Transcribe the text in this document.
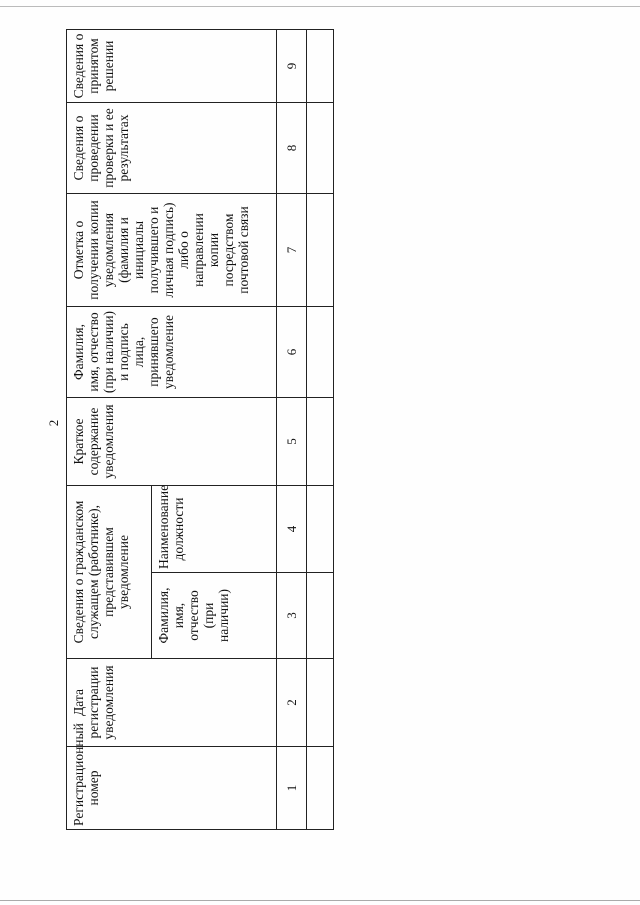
2
Регистрационный номер	Дата регистрации уведомления	Сведения о гражданском служащем (работнике), представившем уведомление		Краткое содержание уведомления	Фамилия, имя, отчество (при наличии) и подпись лица, принявшего уведомление	Отметка о получении копии уведомления (фамилия и инициалы получившего и личная подпись) либо о направлении копии посредством почтовой связи	Сведения о проведении проверки и ее результатах	Сведения о принятом решении
		Фамилия, имя, отчество (при наличии)	Наименование должности					
1	2	3	4	5	6	7	8	9
